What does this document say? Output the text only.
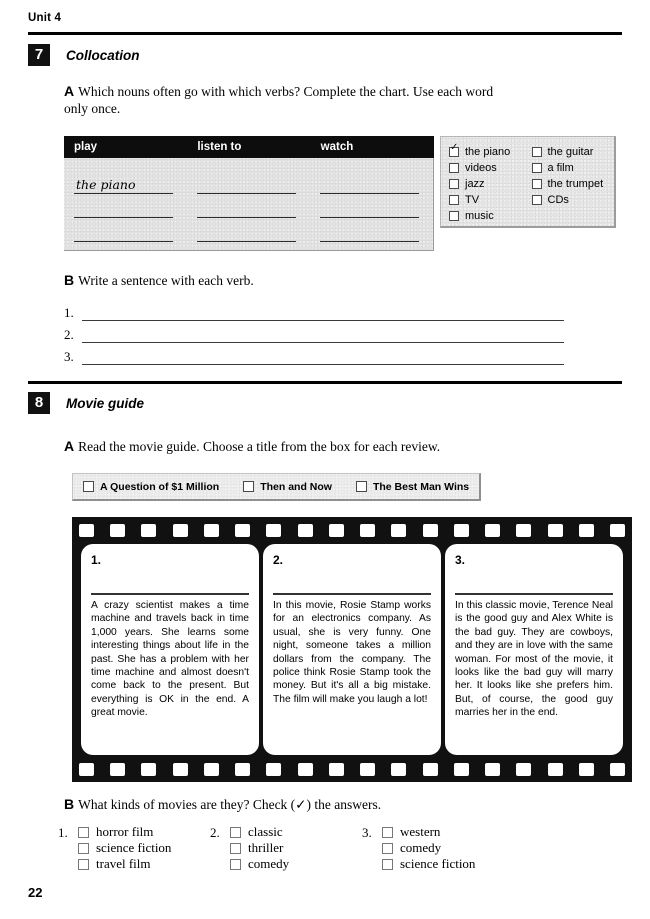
Unit 4
7	Collocation
A Which nouns often go with which verbs? Complete the chart. Use each word only once.
play	listen to	watch
the piano
✓
the piano
videos
jazz
TV
music
the guitar
a film
the trumpet
CDs
B Write a sentence with each verb.
1.
2.
3.
8	Movie guide
A Read the movie guide. Choose a title from the box for each review.
A Question of $1 Million	Then and Now	The Best Man Wins
1.
A crazy scientist makes a time machine and travels back in time 1,000 years. She learns some interesting things about life in the past. She has a problem with her time machine and almost doesn't come back to the present. But everything is OK in the end. A great movie.
2.
In this movie, Rosie Stamp works for an electronics company. As usual, she is very funny. One night, someone takes a million dollars from the company. The police think Rosie Stamp took the money. But it's all a big mistake. The film will make you laugh a lot!
3.
In this classic movie, Terence Neal is the good guy and Alex White is the bad guy. They are cowboys, and they are in love with the same woman. For most of the movie, it looks like the bad guy will marry her. It looks like she prefers him. But, of course, the good guy marries her in the end.
B What kinds of movies are they? Check (✓) the answers.
1.	horror film
science fiction
travel film
2.	classic
thriller
comedy
3.	western
comedy
science fiction
22
